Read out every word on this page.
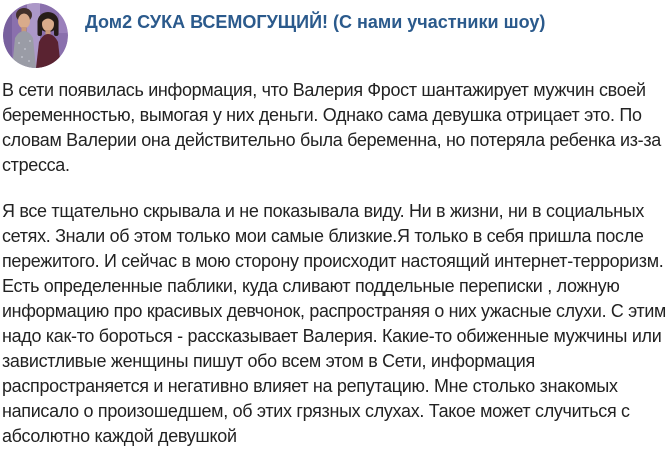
Дом2 СУКА ВСЕМОГУЩИЙ! (С нами участники шоу)
В сети появилась информация, что Валерия Фрост шантажирует мужчин своей
беременностью, вымогая у них деньги. Однако сама девушка отрицает это. По
словам Валерии она действительно была беременна, но потеряла ребенка из-за
стресса.
Я все тщательно скрывала и не показывала виду. Ни в жизни, ни в социальных
сетях. Знали об этом только мои самые близкие.Я только в себя пришла после
пережитого. И сейчас в мою сторону происходит настоящий интернет-терроризм.
Есть определенные паблики, куда сливают поддельные переписки , ложную
информацию про красивых девчонок, распространяя о них ужасные слухи. С этим
надо как-то бороться - рассказывает Валерия. Какие-то обиженные мужчины или
завистливые женщины пишут обо всем этом в Сети, информация
распространяется и негативно влияет на репутацию. Мне столько знакомых
написало о произошедшем, об этих грязных слухах. Такое может случиться с
абсолютно каждой девушкой
